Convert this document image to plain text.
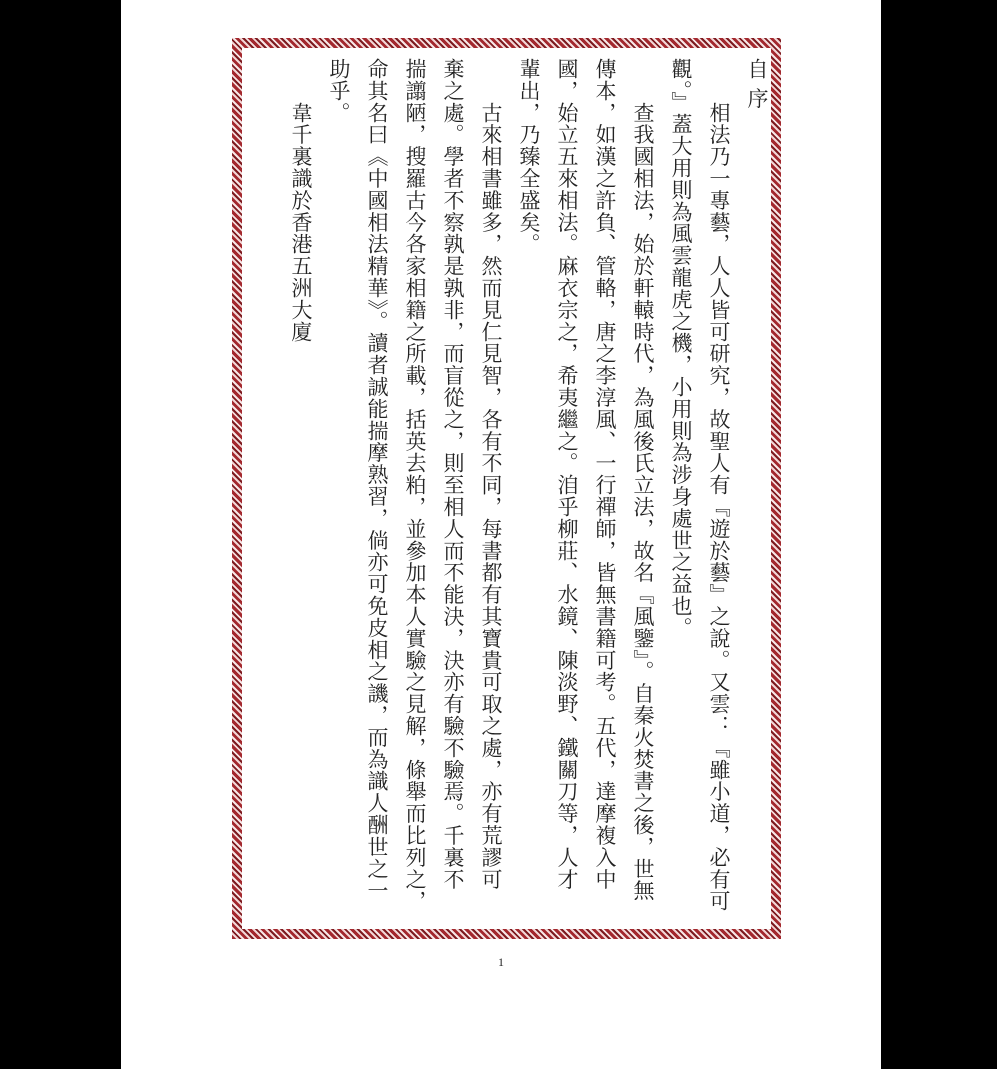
自 序
　　相法乃一專藝，人人皆可研究，故聖人有『遊於藝』之說。又雲：『雖小道，必有可
觀。』蓋大用則為風雲龍虎之機，小用則為涉身處世之益也。
　　查我國相法，始於軒轅時代，為風後氏立法，故名『風鑒』。自秦火焚書之後，世無
傳本，如漢之許負、管輅，唐之李淳風、一行禪師，皆無書籍可考。五代，達摩複入中
國，始立五來相法。麻衣宗之，希夷繼之。洎乎柳莊、水鏡、陳淡野、鐵關刀等，人才
輩出，乃臻全盛矣。
　　古來相書雖多，然而見仁見智，各有不同，每書都有其寶貴可取之處，亦有荒謬可
棄之處。學者不察孰是孰非，而盲從之，則至相人而不能決，決亦有驗不驗焉。千裏不
揣譾陋，搜羅古今各家相籍之所載，括英去粕，並參加本人實驗之見解，條舉而比列之，
命其名曰《中國相法精華》。讀者誠能揣摩熟習，倘亦可免皮相之譏，而為識人酬世之一
助乎。
　　韋千裏識於香港五洲大廈
1
